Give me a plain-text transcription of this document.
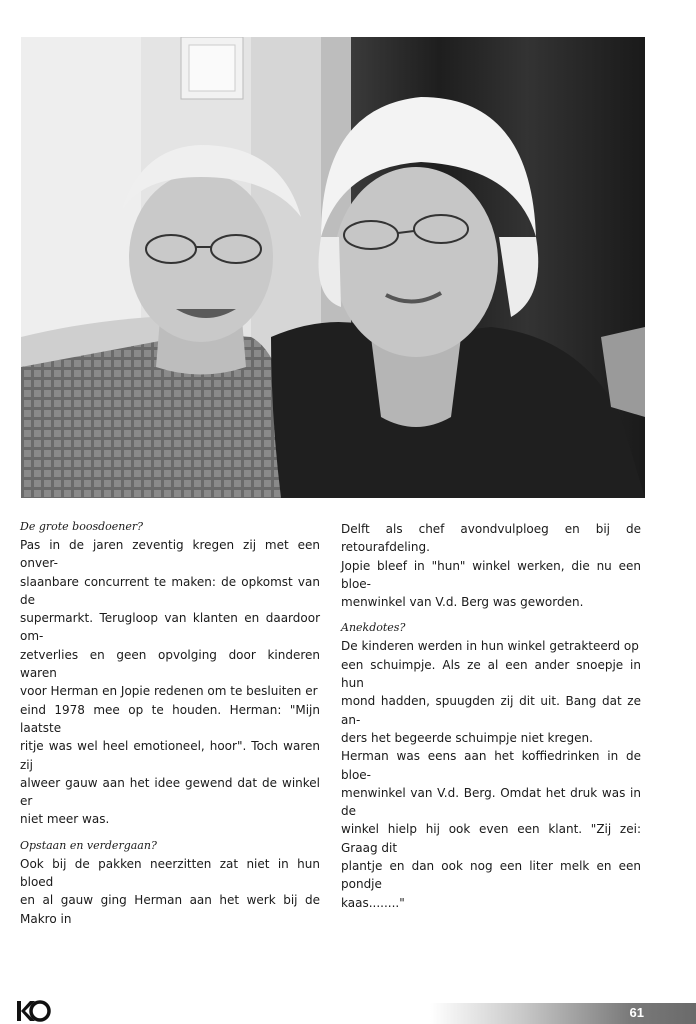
De grote boosdoener?

Pas in de jaren zeventig kregen zij met een onver-

slaanbare concurrent te maken: de opkomst van de

supermarkt. Terugloop van klanten en daardoor om-

zetverlies en geen opvolging door kinderen waren

voor Herman en Jopie redenen om te besluiten er

eind 1978 mee op te houden. Herman: "Mijn laatste

ritje was wel heel emotioneel, hoor". Toch waren zij

alweer gauw aan het idee gewend dat de winkel er

niet meer was.

Opstaan en verdergaan?

Ook bij de pakken neerzitten zat niet in hun bloed

en al gauw ging Herman aan het werk bij de Makro in

Delft als chef avondvulploeg en bij de retourafdeling.

Jopie bleef in "hun" winkel werken, die nu een bloe-

menwinkel van V.d. Berg was geworden.

Anekdotes?

De kinderen werden in hun winkel getrakteerd op

een schuimpje. Als ze al een ander snoepje in hun

mond hadden, spuugden zij dit uit. Bang dat ze an-

ders het begeerde schuimpje niet kregen.

Herman was eens aan het koffiedrinken in de bloe-

menwinkel van V.d. Berg. Omdat het druk was in de

winkel hielp hij ook even een klant. "Zij zei: Graag dit

plantje en dan ook nog een liter melk en een pondje

kaas........"

61
